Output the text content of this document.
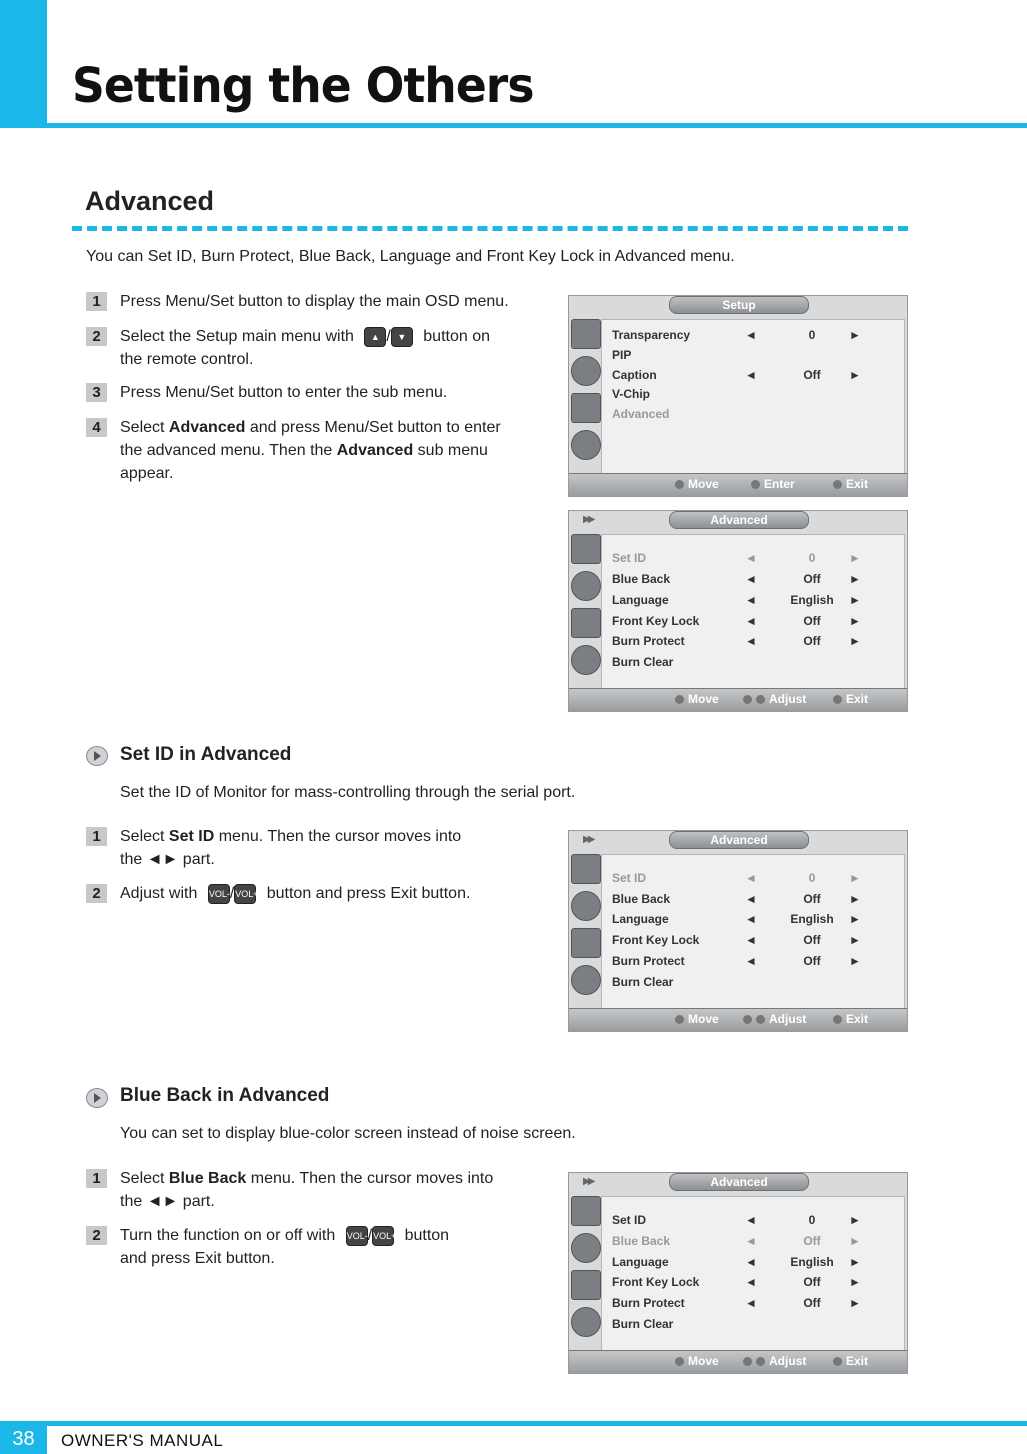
Setting the Others
Advanced
You can Set ID, Burn Protect, Blue Back, Language and Front Key Lock in Advanced menu.
1	Press Menu/Set button to display the main OSD menu.
2	Select the Setup main menu with ▲ / ▼ button on
the remote control.
3	Press Menu/Set button to enter the sub menu.
4	Select Advanced and press Menu/Set button to enter
the advanced menu. Then the Advanced sub menu
appear.
Setup
Transparency	◄	0	►
PIP
Caption	◄	Off	►
V-Chip
Advanced
Move	Enter	Exit
▶▶	Advanced
Set ID	◄	0	►
Blue Back	◄	Off	►
Language	◄	English	►
Front Key Lock	◄	Off	►
Burn Protect	◄	Off	►
Burn Clear
Move	Adjust	Exit
Set ID in Advanced
Set the ID of Monitor for mass-controlling through the serial port.
1	Select Set ID menu. Then the cursor moves into
the ◄► part.
2	Adjust with VOL-/VOL+ button and press Exit button.
▶▶	Advanced
Set ID	◄	0	►
Blue Back	◄	Off	►
Language	◄	English	►
Front Key Lock	◄	Off	►
Burn Protect	◄	Off	►
Burn Clear
Move	Adjust	Exit
Blue Back in Advanced
You can set to display blue-color screen instead of noise screen.
1	Select Blue Back menu. Then the cursor moves into
the ◄► part.
2	Turn the function on or off with VOL-/VOL+ button
and press Exit button.
▶▶	Advanced
Set ID	◄	0	►
Blue Back	◄	Off	►
Language	◄	English	►
Front Key Lock	◄	Off	►
Burn Protect	◄	Off	►
Burn Clear
Move	Adjust	Exit
38	OWNER'S MANUAL
